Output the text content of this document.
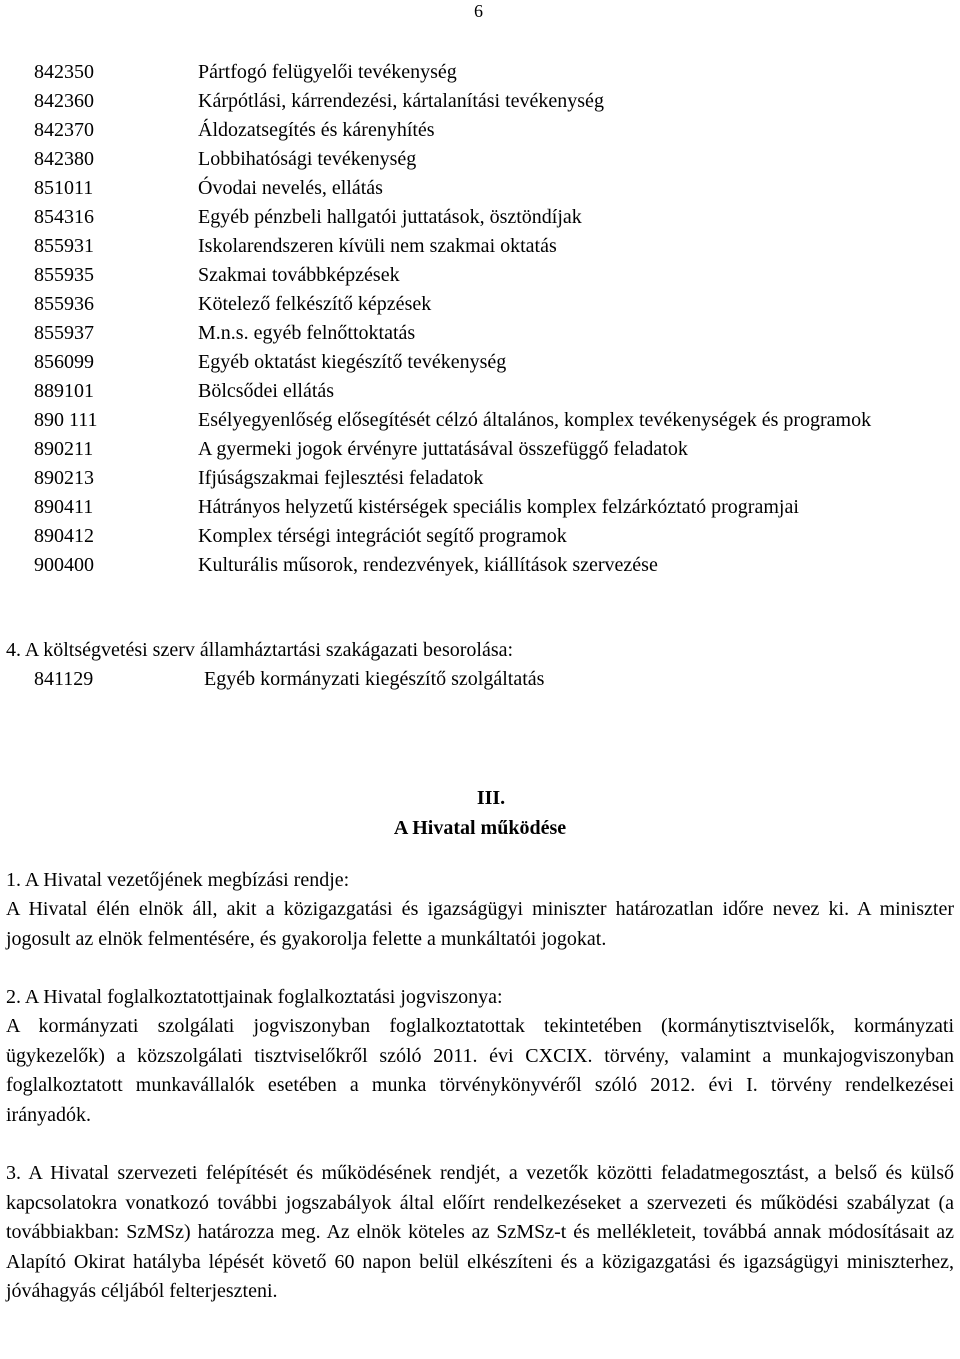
6
842350	Pártfogó felügyelői tevékenység
842360	Kárpótlási, kárrendezési, kártalanítási tevékenység
842370	Áldozatsegítés és kárenyhítés
842380	Lobbihatósági tevékenység
851011	Óvodai nevelés, ellátás
854316	Egyéb pénzbeli hallgatói juttatások, ösztöndíjak
855931	Iskolarendszeren kívüli nem szakmai oktatás
855935	Szakmai továbbképzések
855936	Kötelező felkészítő képzések
855937	M.n.s. egyéb felnőttoktatás
856099	Egyéb oktatást kiegészítő tevékenység
889101	Bölcsődei ellátás
890 111	Esélyegyenlőség elősegítését célzó általános, komplex tevékenységek és programok
890211	A gyermeki jogok érvényre juttatásával összefüggő feladatok
890213	Ifjúságszakmai fejlesztési feladatok
890411	Hátrányos helyzetű kistérségek speciális komplex felzárkóztató programjai
890412	Komplex térségi integrációt segítő programok
900400	Kulturális műsorok, rendezvények, kiállítások szervezése
4. A költségvetési szerv államháztartási szakágazati besorolása:
841129	Egyéb kormányzati kiegészítő szolgáltatás
III.
A Hivatal működése
1. A Hivatal vezetőjének megbízási rendje:

A Hivatal élén elnök áll, akit a közigazgatási és igazságügyi miniszter határozatlan időre nevez ki. A miniszter jogosult az elnök felmentésére, és gyakorolja felette a munkáltatói jogokat.

2. A Hivatal foglalkoztatottjainak foglalkoztatási jogviszonya:

A kormányzati szolgálati jogviszonyban foglalkoztatottak tekintetében (kormánytisztviselők, kormányzati ügykezelők) a közszolgálati tisztviselőkről szóló 2011. évi CXCIX. törvény, valamint a munkajogviszonyban foglalkoztatott munkavállalók esetében a munka törvénykönyvéről szóló 2012. évi I. törvény rendelkezései irányadók.

3. A Hivatal szervezeti felépítését és működésének rendjét, a vezetők közötti feladatmegosztást, a belső és külső kapcsolatokra vonatkozó további jogszabályok által előírt rendelkezéseket a szervezeti és működési szabályzat (a továbbiakban: SzMSz) határozza meg. Az elnök köteles az SzMSz-t és mellékleteit, továbbá annak módosításait az Alapító Okirat hatályba lépését követő 60 napon belül elkészíteni és a közigazgatási és igazságügyi miniszterhez, jóváhagyás céljából felterjeszteni.
